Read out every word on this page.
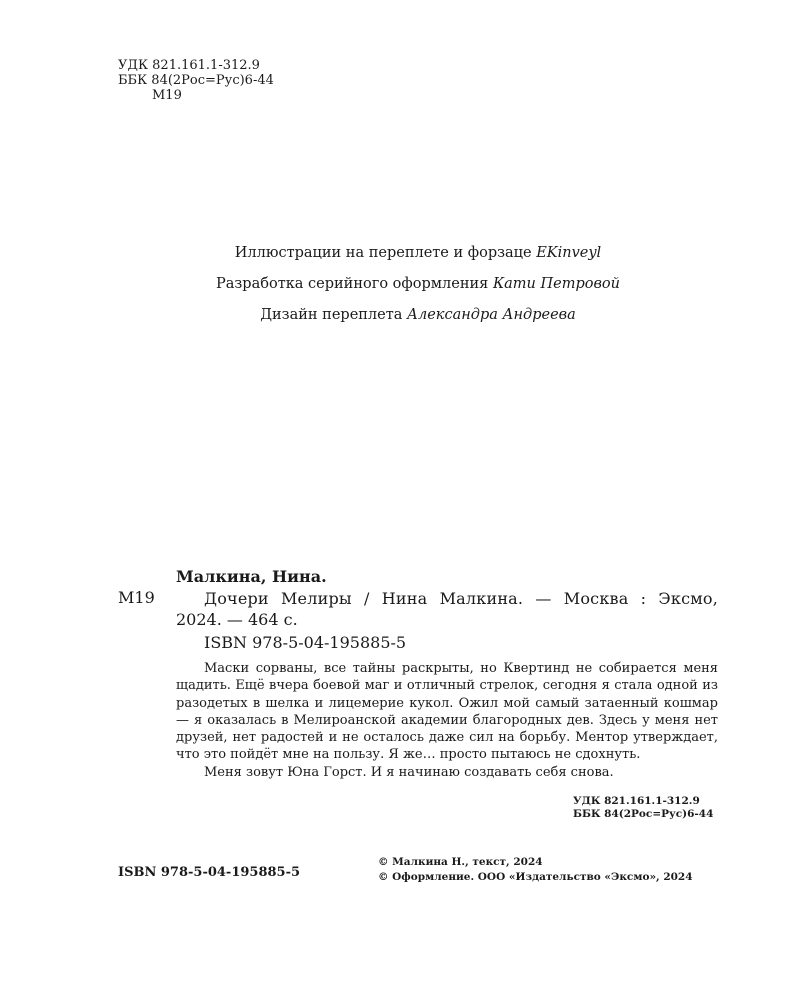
УДК 821.161.1-312.9
ББК 84(2Рос=Рус)6-44
М19
Иллюстрации на переплете и форзаце EKinveyl
Разработка серийного оформления Кати Петровой
Дизайн переплета Александра Андреева
Малкина, Нина.
М19	Дочери Мелиры / Нина Малкина. — Москва : Эксмо,
2024. — 464 с.
ISBN 978-5-04-195885-5

Маски сорваны, все тайны раскрыты, но Квертинд не собирается меня щадить. Ещё вчера боевой маг и отличный стрелок, сегодня я стала одной из разодетых в шелка и лицемерие кукол. Ожил мой самый затаенный кошмар — я оказалась в Мелироанской академии благородных дев. Здесь у меня нет друзей, нет радостей и не осталось даже сил на борьбу. Ментор утверждает, что это пойдёт мне на пользу. Я же… просто пытаюсь не сдохнуть.

Меня зовут Юна Горст. И я начинаю создавать себя снова.

УДК 821.161.1-312.9
ББК 84(2Рос=Рус)6-44
ISBN 978-5-04-195885-5
© Малкина Н., текст, 2024
© Оформление. ООО «Издательство «Эксмо», 2024
